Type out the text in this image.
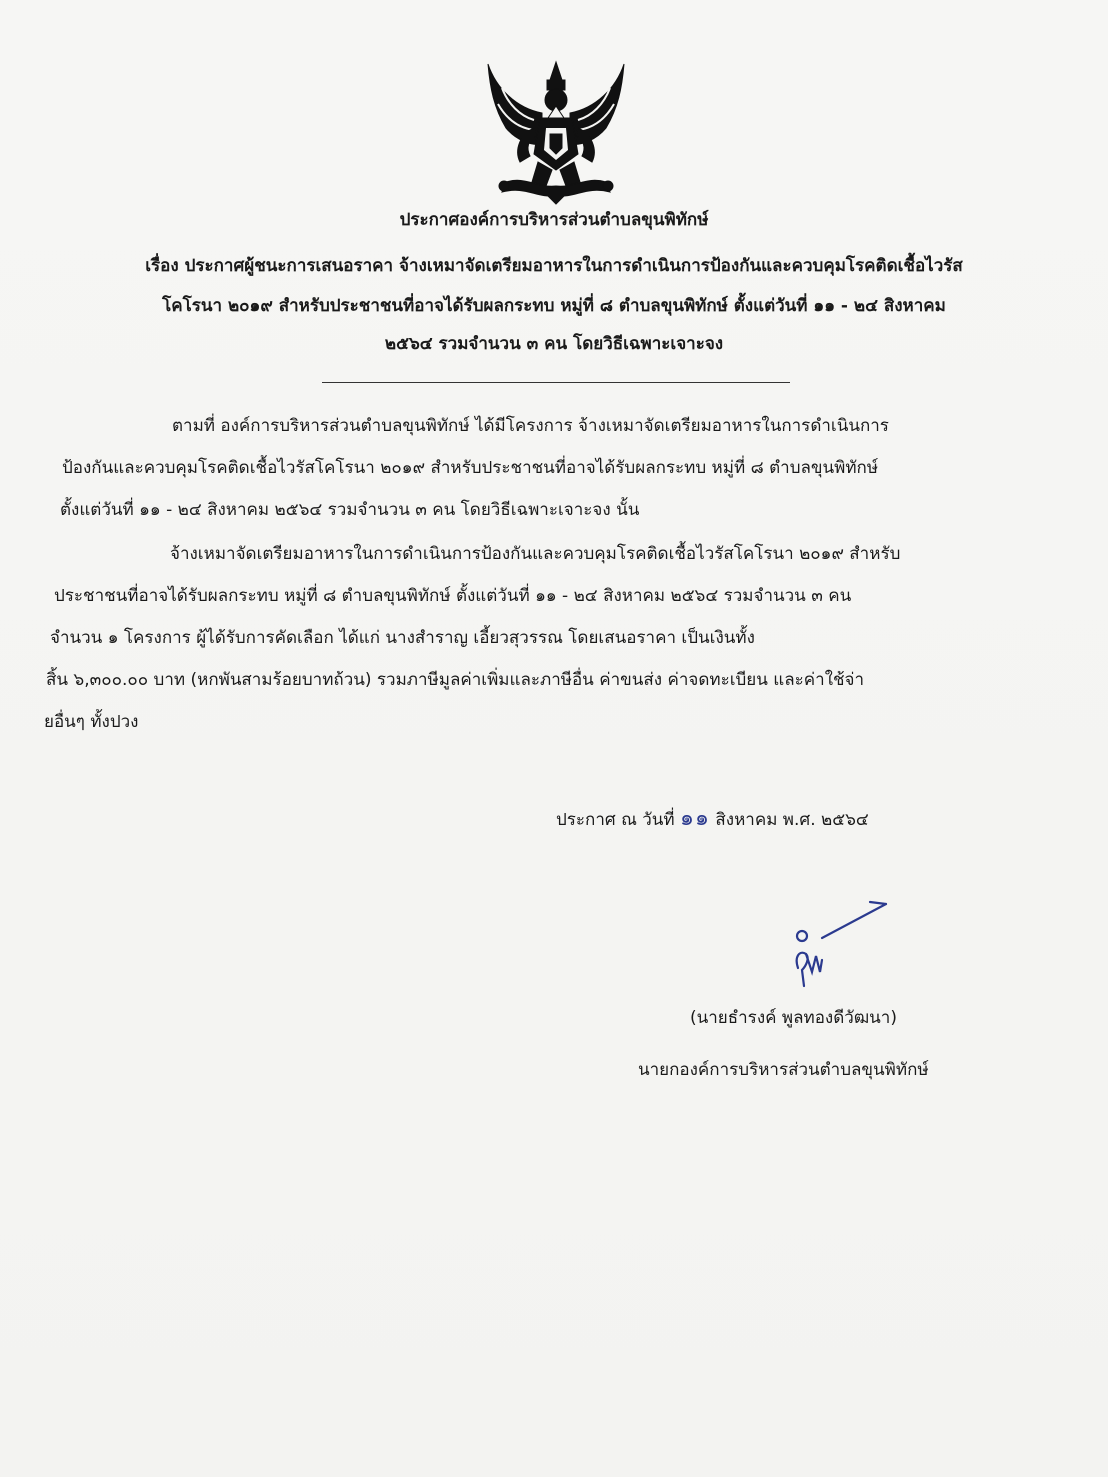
ประกาศองค์การบริหารส่วนตำบลขุนพิทักษ์
เรื่อง ประกาศผู้ชนะการเสนอราคา จ้างเหมาจัดเตรียมอาหารในการดำเนินการป้องกันและควบคุมโรคติดเชื้อไวรัส
โคโรนา ๒๐๑๙ สำหรับประชาชนที่อาจได้รับผลกระทบ หมู่ที่ ๘ ตำบลขุนพิทักษ์ ตั้งแต่วันที่ ๑๑ - ๒๔ สิงหาคม
๒๕๖๔ รวมจำนวน ๓ คน โดยวิธีเฉพาะเจาะจง
ตามที่ องค์การบริหารส่วนตำบลขุนพิทักษ์ ได้มีโครงการ จ้างเหมาจัดเตรียมอาหารในการดำเนินการ
ป้องกันและควบคุมโรคติดเชื้อไวรัสโคโรนา ๒๐๑๙ สำหรับประชาชนที่อาจได้รับผลกระทบ หมู่ที่ ๘ ตำบลขุนพิทักษ์
ตั้งแต่วันที่ ๑๑ - ๒๔ สิงหาคม ๒๕๖๔ รวมจำนวน ๓ คน โดยวิธีเฉพาะเจาะจง นั้น
จ้างเหมาจัดเตรียมอาหารในการดำเนินการป้องกันและควบคุมโรคติดเชื้อไวรัสโคโรนา ๒๐๑๙ สำหรับ
ประชาชนที่อาจได้รับผลกระทบ หมู่ที่ ๘ ตำบลขุนพิทักษ์ ตั้งแต่วันที่ ๑๑ - ๒๔ สิงหาคม ๒๕๖๔ รวมจำนวน ๓ คน
จำนวน ๑ โครงการ ผู้ได้รับการคัดเลือก ได้แก่ นางสำราญ เอี้ยวสุวรรณ โดยเสนอราคา เป็นเงินทั้ง
สิ้น ๖,๓๐๐.๐๐ บาท (หกพันสามร้อยบาทถ้วน) รวมภาษีมูลค่าเพิ่มและภาษีอื่น ค่าขนส่ง ค่าจดทะเบียน และค่าใช้จ่า
ยอื่นๆ ทั้งปวง
ประกาศ ณ วันที่ ๑๑ สิงหาคม พ.ศ. ๒๕๖๔
(นายธำรงค์ พูลทองดีวัฒนา)
นายกองค์การบริหารส่วนตำบลขุนพิทักษ์
